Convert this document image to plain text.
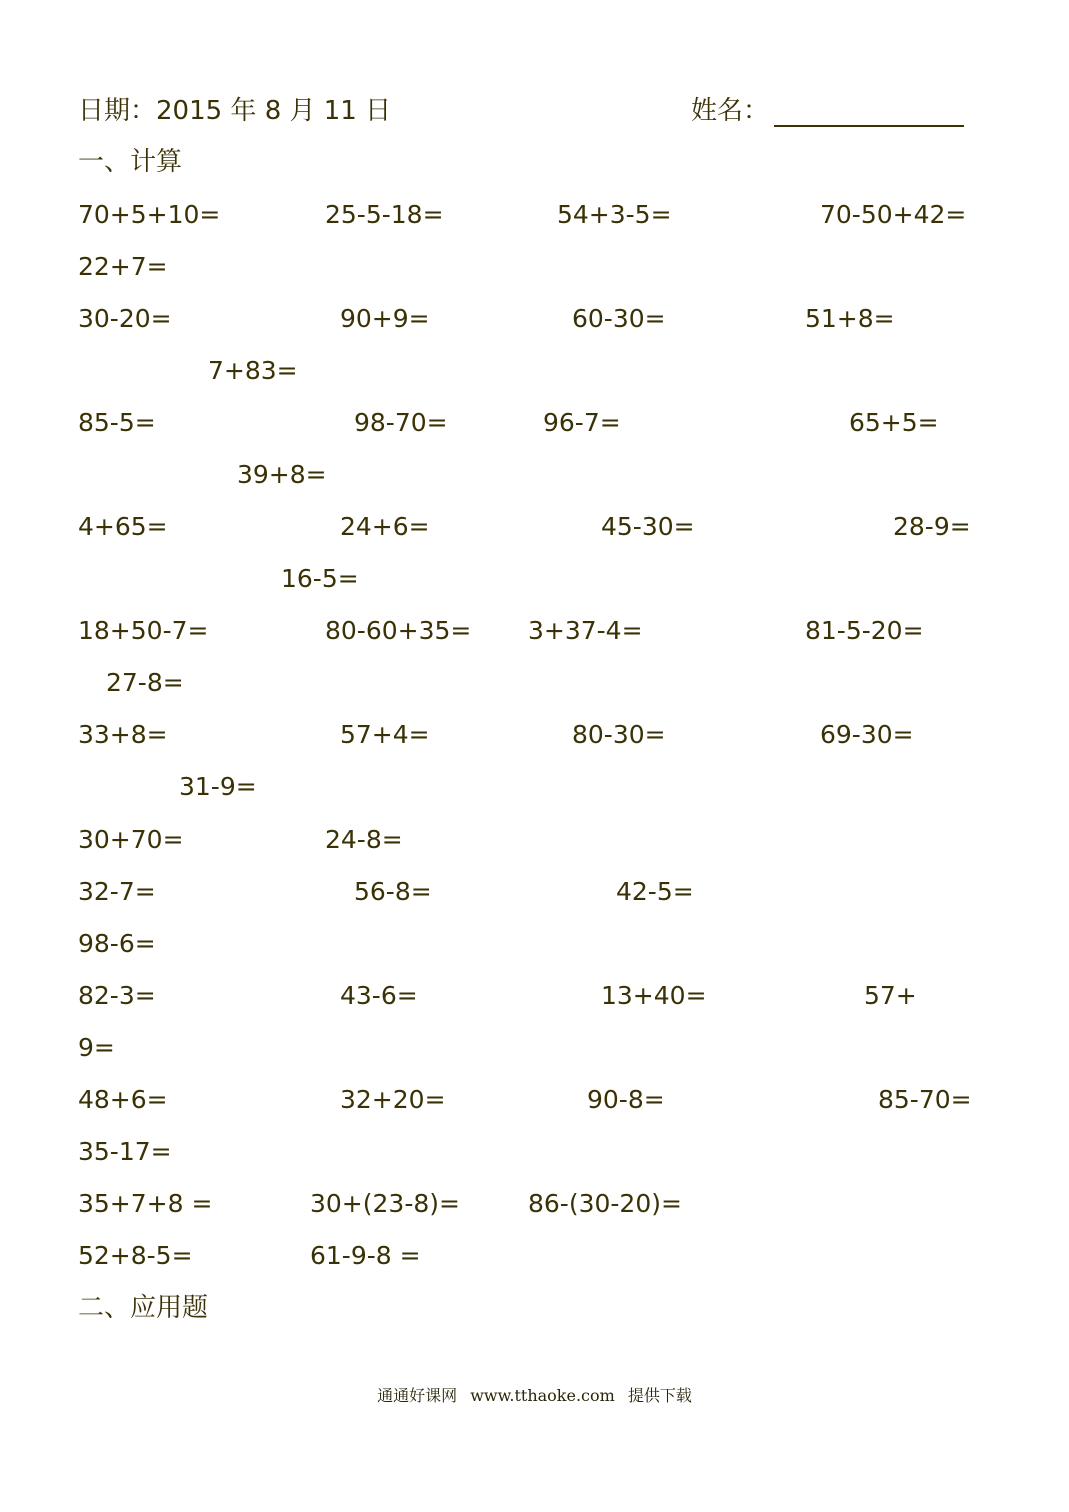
日期：2015 年 8 月 11 日	姓名：
一、计算
70+5+10=	25-5-18=	54+3-5=	70-50+42=
22+7=
30-20=	90+9=	60-30=	51+8=
7+83=
85-5=	98-70=	96-7=	65+5=
39+8=
4+65=	24+6=	45-30=	28-9=
16-5=
18+50-7=	80-60+35= 3+37-4=	81-5-20=
27-8=
33+8=	57+4=	80-30=	69-30=
31-9=
30+70=	24-8=
32-7=	56-8=	42-5=
98-6=
82-3=	43-6=	13+40=	57+
9=
48+6=	32+20=	90-8=	85-70=
35-17=
35+7+8 =	30+(23-8)=	86-(30-20)=
52+8-5=	61-9-8 =
二、应用题
通通好课网 www.tthaoke.com 提供下载
